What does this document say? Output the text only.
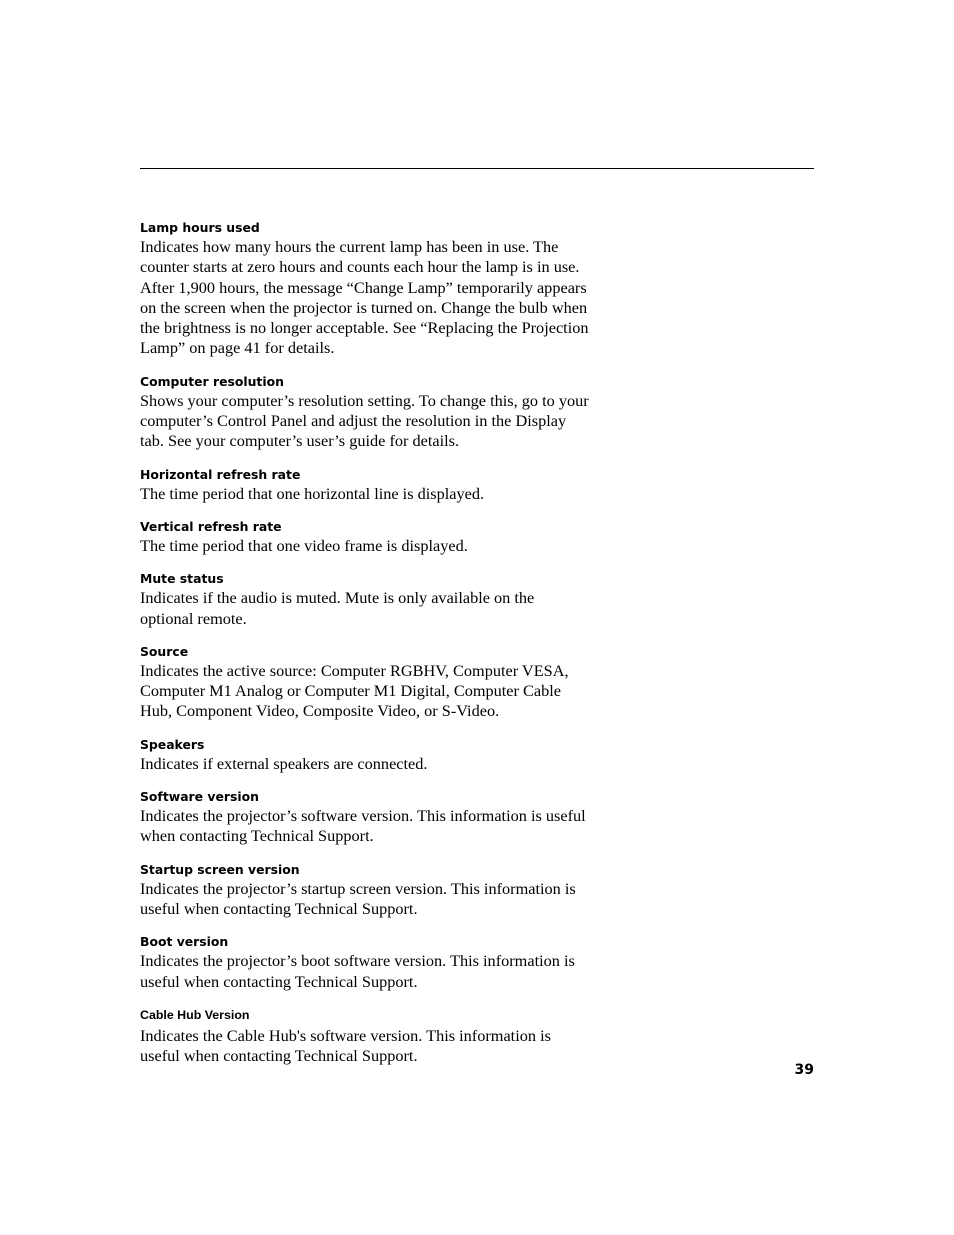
Lamp hours used

Indicates how many hours the current lamp has been in use. The counter starts at zero hours and counts each hour the lamp is in use. After 1,900 hours, the message “Change Lamp” temporarily appears on the screen when the projector is turned on. Change the bulb when the brightness is no longer acceptable. See “Replacing the Projection Lamp” on page 41 for details.

Computer resolution

Shows your computer’s resolution setting. To change this, go to your computer’s Control Panel and adjust the resolution in the Display tab. See your computer’s user’s guide for details.

Horizontal refresh rate

The time period that one horizontal line is displayed.

Vertical refresh rate

The time period that one video frame is displayed.

Mute status

Indicates if the audio is muted. Mute is only available on the optional remote.

Source

Indicates the active source: Computer RGBHV, Computer VESA, Computer M1 Analog or Computer M1 Digital, Computer Cable Hub, Component Video, Composite Video, or S-Video.

Speakers

Indicates if external speakers are connected.

Software version

Indicates the projector’s software version. This information is useful when contacting Technical Support.

Startup screen version

Indicates the projector’s startup screen version. This information is useful when contacting Technical Support.

Boot version

Indicates the projector’s boot software version. This information is useful when contacting Technical Support.

Cable Hub Version

Indicates the Cable Hub's software version. This information is useful when contacting Technical Support.

39
